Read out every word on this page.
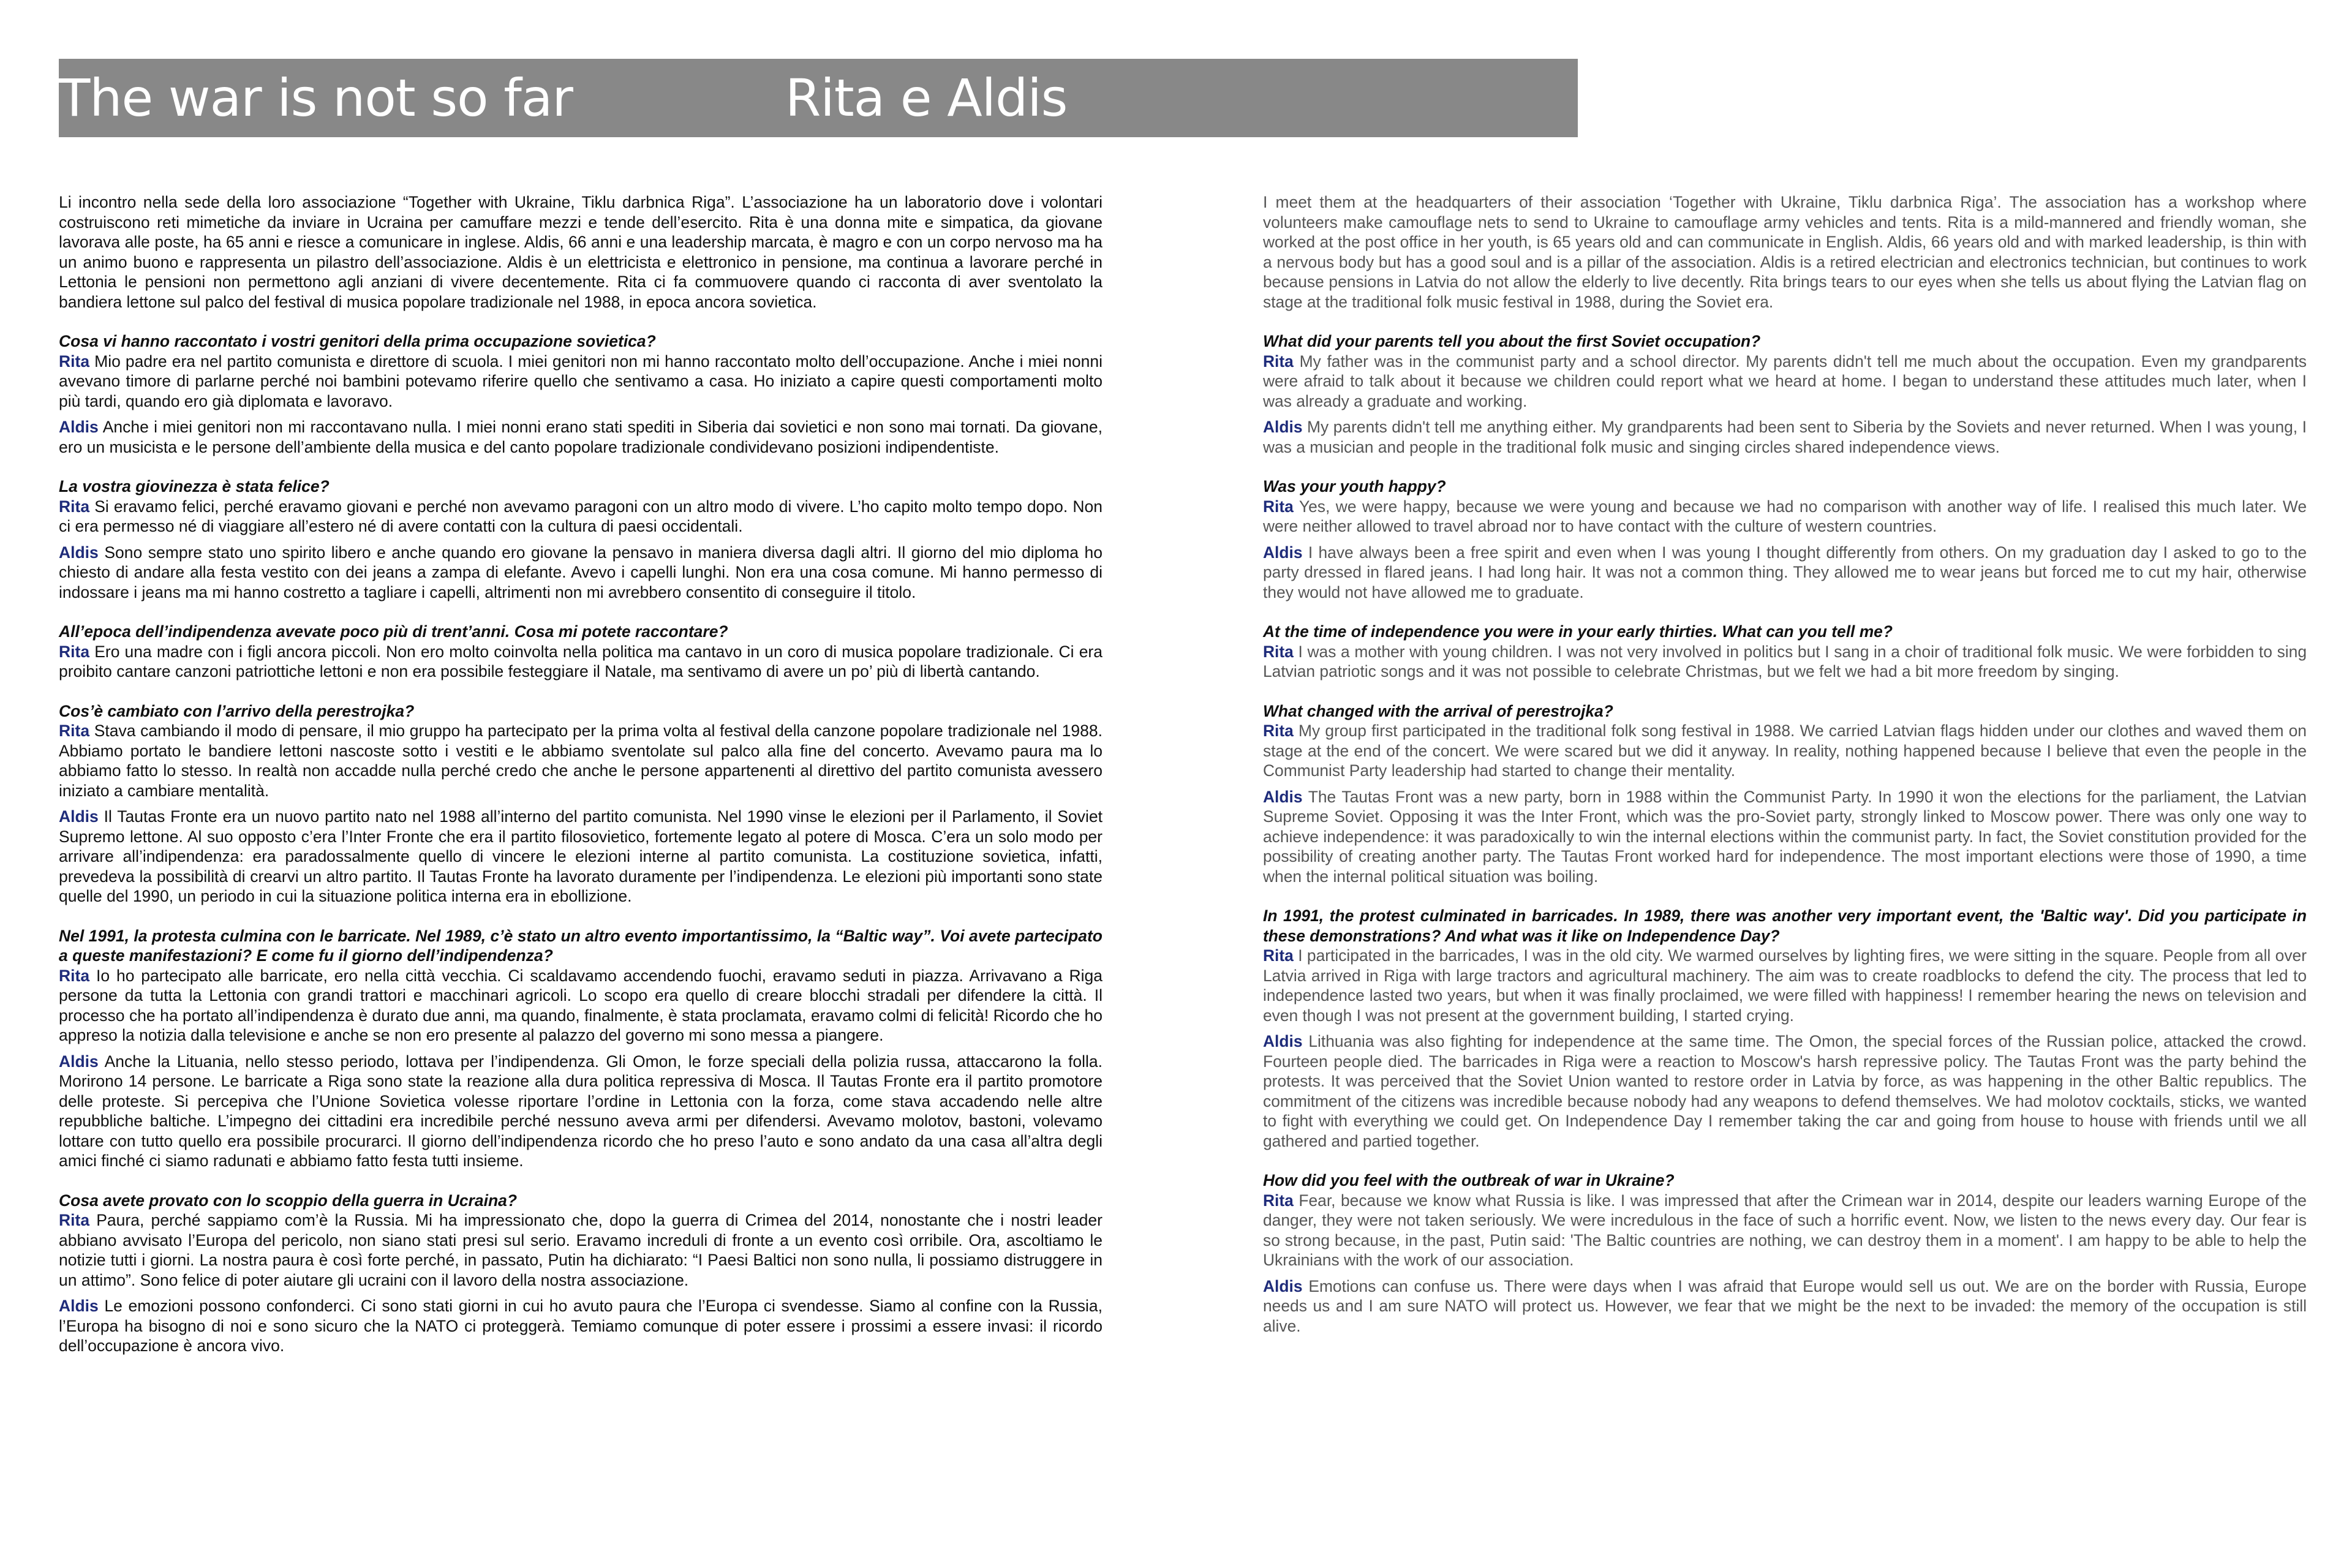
The war is not so far	Rita e Aldis

Li incontro nella sede della loro associazione “Together with Ukraine, Tiklu darbnica Riga”. L’associazione ha un laboratorio dove i volontari costruiscono reti mimetiche da inviare in Ucraina per camuffare mezzi e tende dell’esercito. Rita è una donna mite e simpatica, da giovane lavorava alle poste, ha 65 anni e riesce a comunicare in inglese. Aldis, 66 anni e una leadership marcata, è magro e con un corpo nervoso ma ha un animo buono e rappresenta un pilastro dell’associazione. Aldis è un elettricista e elettronico in pensione, ma continua a lavorare perché in Lettonia le pensioni non permettono agli anziani di vivere decentemente. Rita ci fa commuovere quando ci racconta di aver sventolato la bandiera lettone sul palco del festival di musica popolare tradizionale nel 1988, in epoca ancora sovietica.

Cosa vi hanno raccontato i vostri genitori della prima occupazione sovietica?

Rita Mio padre era nel partito comunista e direttore di scuola. I miei genitori non mi hanno raccontato molto dell’occupazione. Anche i miei nonni avevano timore di parlarne perché noi bambini potevamo riferire quello che sentivamo a casa. Ho iniziato a capire questi comportamenti molto più tardi, quando ero già diplomata e lavoravo.

Aldis Anche i miei genitori non mi raccontavano nulla. I miei nonni erano stati spediti in Siberia dai sovietici e non sono mai tornati. Da giovane, ero un musicista e le persone dell’ambiente della musica e del canto popolare tradizionale condividevano posizioni indipendentiste.

La vostra giovinezza è stata felice?

Rita Si eravamo felici, perché eravamo giovani e perché non avevamo paragoni con un altro modo di vivere. L’ho capito molto tempo dopo. Non ci era permesso né di viaggiare all’estero né di avere contatti con la cultura di paesi occidentali.

Aldis Sono sempre stato uno spirito libero e anche quando ero giovane la pensavo in maniera diversa dagli altri. Il giorno del mio diploma ho chiesto di andare alla festa vestito con dei jeans a zampa di elefante. Avevo i capelli lunghi. Non era una cosa comune. Mi hanno permesso di indossare i jeans ma mi hanno costretto a tagliare i capelli, altrimenti non mi avrebbero consentito di conseguire il titolo.

All’epoca dell’indipendenza avevate poco più di trent’anni. Cosa mi potete raccontare?

Rita Ero una madre con i figli ancora piccoli. Non ero molto coinvolta nella politica ma cantavo in un coro di musica popolare tradizionale. Ci era proibito cantare canzoni patriottiche lettoni e non era possibile festeggiare il Natale, ma sentivamo di avere un po’ più di libertà cantando.

Cos’è cambiato con l’arrivo della perestrojka?

Rita Stava cambiando il modo di pensare, il mio gruppo ha partecipato per la prima volta al festival della canzone popolare tradizionale nel 1988. Abbiamo portato le bandiere lettoni nascoste sotto i vestiti e le abbiamo sventolate sul palco alla fine del concerto. Avevamo paura ma lo abbiamo fatto lo stesso. In realtà non accadde nulla perché credo che anche le persone appartenenti al direttivo del partito comunista avessero iniziato a cambiare mentalità.

Aldis Il Tautas Fronte era un nuovo partito nato nel 1988 all’interno del partito comunista. Nel 1990 vinse le elezioni per il Parlamento, il Soviet Supremo lettone. Al suo opposto c’era l’Inter Fronte che era il partito filosovietico, fortemente legato al potere di Mosca. C’era un solo modo per arrivare all’indipendenza: era paradossalmente quello di vincere le elezioni interne al partito comunista. La costituzione sovietica, infatti, prevedeva la possibilità di crearvi un altro partito. Il Tautas Fronte ha lavorato duramente per l’indipendenza. Le elezioni più importanti sono state quelle del 1990, un periodo in cui la situazione politica interna era in ebollizione.

Nel 1991, la protesta culmina con le barricate. Nel 1989, c’è stato un altro evento importantissimo, la “Baltic way”. Voi avete partecipato a queste manifestazioni? E come fu il giorno dell’indipendenza?

Rita Io ho partecipato alle barricate, ero nella città vecchia. Ci scaldavamo accendendo fuochi, eravamo seduti in piazza. Arrivavano a Riga persone da tutta la Lettonia con grandi trattori e macchinari agricoli. Lo scopo era quello di creare blocchi stradali per difendere la città. Il processo che ha portato all’indipendenza è durato due anni, ma quando, finalmente, è stata proclamata, eravamo colmi di felicità! Ricordo che ho appreso la notizia dalla televisione e anche se non ero presente al palazzo del governo mi sono messa a piangere.

Aldis Anche la Lituania, nello stesso periodo, lottava per l’indipendenza. Gli Omon, le forze speciali della polizia russa, attaccarono la folla. Morirono 14 persone. Le barricate a Riga sono state la reazione alla dura politica repressiva di Mosca. Il Tautas Fronte era il partito promotore delle proteste. Si percepiva che l’Unione Sovietica volesse riportare l’ordine in Lettonia con la forza, come stava accadendo nelle altre repubbliche baltiche. L’impegno dei cittadini era incredibile perché nessuno aveva armi per difendersi. Avevamo molotov, bastoni, volevamo lottare con tutto quello era possibile procurarci. Il giorno dell’indipendenza ricordo che ho preso l’auto e sono andato da una casa all’altra degli amici finché ci siamo radunati e abbiamo fatto festa tutti insieme.

Cosa avete provato con lo scoppio della guerra in Ucraina?

Rita Paura, perché sappiamo com’è la Russia. Mi ha impressionato che, dopo la guerra di Crimea del 2014, nonostante che i nostri leader abbiano avvisato l’Europa del pericolo, non siano stati presi sul serio. Eravamo increduli di fronte a un evento così orribile. Ora, ascoltiamo le notizie tutti i giorni. La nostra paura è così forte perché, in passato, Putin ha dichiarato: “I Paesi Baltici non sono nulla, li possiamo distruggere in un attimo”. Sono felice di poter aiutare gli ucraini con il lavoro della nostra associazione.

Aldis Le emozioni possono confonderci. Ci sono stati giorni in cui ho avuto paura che l’Europa ci svendesse. Siamo al confine con la Russia, l’Europa ha bisogno di noi e sono sicuro che la NATO ci proteggerà. Temiamo comunque di poter essere i prossimi a essere invasi: il ricordo dell’occupazione è ancora vivo.

I meet them at the headquarters of their association ‘Together with Ukraine, Tiklu darbnica Riga’. The association has a workshop where volunteers make camouflage nets to send to Ukraine to camouflage army vehicles and tents. Rita is a mild-mannered and friendly woman, she worked at the post office in her youth, is 65 years old and can communicate in English. Aldis, 66 years old and with marked leadership, is thin with a nervous body but has a good soul and is a pillar of the association. Aldis is a retired electrician and electronics technician, but continues to work because pensions in Latvia do not allow the elderly to live decently. Rita brings tears to our eyes when she tells us about flying the Latvian flag on stage at the traditional folk music festival in 1988, during the Soviet era.

What did your parents tell you about the first Soviet occupation?

Rita My father was in the communist party and a school director. My parents didn't tell me much about the occupation. Even my grandparents were afraid to talk about it because we children could report what we heard at home. I began to understand these attitudes much later, when I was already a graduate and working.

Aldis My parents didn't tell me anything either. My grandparents had been sent to Siberia by the Soviets and never returned. When I was young, I was a musician and people in the traditional folk music and singing circles shared independence views.

Was your youth happy?

Rita Yes, we were happy, because we were young and because we had no comparison with another way of life. I realised this much later. We were neither allowed to travel abroad nor to have contact with the culture of western countries.

Aldis I have always been a free spirit and even when I was young I thought differently from others. On my graduation day I asked to go to the party dressed in flared jeans. I had long hair. It was not a common thing. They allowed me to wear jeans but forced me to cut my hair, otherwise they would not have allowed me to graduate.

At the time of independence you were in your early thirties. What can you tell me?

Rita I was a mother with young children. I was not very involved in politics but I sang in a choir of traditional folk music. We were forbidden to sing Latvian patriotic songs and it was not possible to celebrate Christmas, but we felt we had a bit more freedom by singing.

What changed with the arrival of perestrojka?

Rita My group first participated in the traditional folk song festival in 1988. We carried Latvian flags hidden under our clothes and waved them on stage at the end of the concert. We were scared but we did it anyway. In reality, nothing happened because I believe that even the people in the Communist Party leadership had started to change their mentality.

Aldis The Tautas Front was a new party, born in 1988 within the Communist Party. In 1990 it won the elections for the parliament, the Latvian Supreme Soviet. Opposing it was the Inter Front, which was the pro-Soviet party, strongly linked to Moscow power. There was only one way to achieve independence: it was paradoxically to win the internal elections within the communist party. In fact, the Soviet constitution provided for the possibility of creating another party. The Tautas Front worked hard for independence. The most important elections were those of 1990, a time when the internal political situation was boiling.

In 1991, the protest culminated in barricades. In 1989, there was another very important event, the 'Baltic way'. Did you participate in these demonstrations? And what was it like on Independence Day?

Rita I participated in the barricades, I was in the old city. We warmed ourselves by lighting fires, we were sitting in the square. People from all over Latvia arrived in Riga with large tractors and agricultural machinery. The aim was to create roadblocks to defend the city. The process that led to independence lasted two years, but when it was finally proclaimed, we were filled with happiness! I remember hearing the news on television and even though I was not present at the government building, I started crying.

Aldis Lithuania was also fighting for independence at the same time. The Omon, the special forces of the Russian police, attacked the crowd. Fourteen people died. The barricades in Riga were a reaction to Moscow's harsh repressive policy. The Tautas Front was the party behind the protests. It was perceived that the Soviet Union wanted to restore order in Latvia by force, as was happening in the other Baltic republics. The commitment of the citizens was incredible because nobody had any weapons to defend themselves. We had molotov cocktails, sticks, we wanted to fight with everything we could get. On Independence Day I remember taking the car and going from house to house with friends until we all gathered and partied together.

How did you feel with the outbreak of war in Ukraine?

Rita Fear, because we know what Russia is like. I was impressed that after the Crimean war in 2014, despite our leaders warning Europe of the danger, they were not taken seriously. We were incredulous in the face of such a horrific event. Now, we listen to the news every day. Our fear is so strong because, in the past, Putin said: 'The Baltic countries are nothing, we can destroy them in a moment'. I am happy to be able to help the Ukrainians with the work of our association.

Aldis Emotions can confuse us. There were days when I was afraid that Europe would sell us out. We are on the border with Russia, Europe needs us and I am sure NATO will protect us. However, we fear that we might be the next to be invaded: the memory of the occupation is still alive.
